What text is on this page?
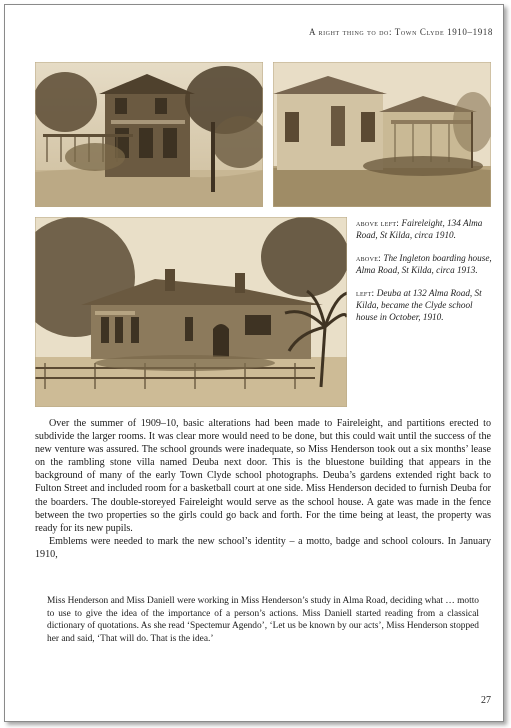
A right thing to do: Town Clyde 1910–1918

above left: Faireleight, 134 Alma Road, St Kilda, circa 1910.

above: The Ingleton boarding house, Alma Road, St Kilda, circa 1913.

left: Deuba at 132 Alma Road, St Kilda, became the Clyde school house in October, 1910.

Over the summer of 1909–10, basic alterations had been made to Faireleight, and partitions erected to subdivide the larger rooms. It was clear more would need to be done, but this could wait until the success of the new venture was assured. The school grounds were inadequate, so Miss Henderson took out a six months’ lease on the rambling stone villa named Deuba next door. This is the bluestone building that appears in the background of many of the early Town Clyde school photographs. Deuba’s gardens extended right back to Fulton Street and included room for a basketball court at one side. Miss Henderson decided to furnish Deuba for the boarders. The double-storeyed Faireleight would serve as the school house. A gate was made in the fence between the two properties so the girls could go back and forth. For the time being at least, the property was ready for its new pupils.

Emblems were needed to mark the new school’s identity – a motto, badge and school colours. In January 1910,

Miss Henderson and Miss Daniell were working in Miss Henderson’s study in Alma Road, deciding what … motto to use to give the idea of the importance of a person’s actions. Miss Daniell started reading from a classical dictionary of quotations. As she read ‘Spectemur Agendo’, ‘Let us be known by our acts’, Miss Henderson stopped her and said, ‘That will do. That is the idea.’
27
